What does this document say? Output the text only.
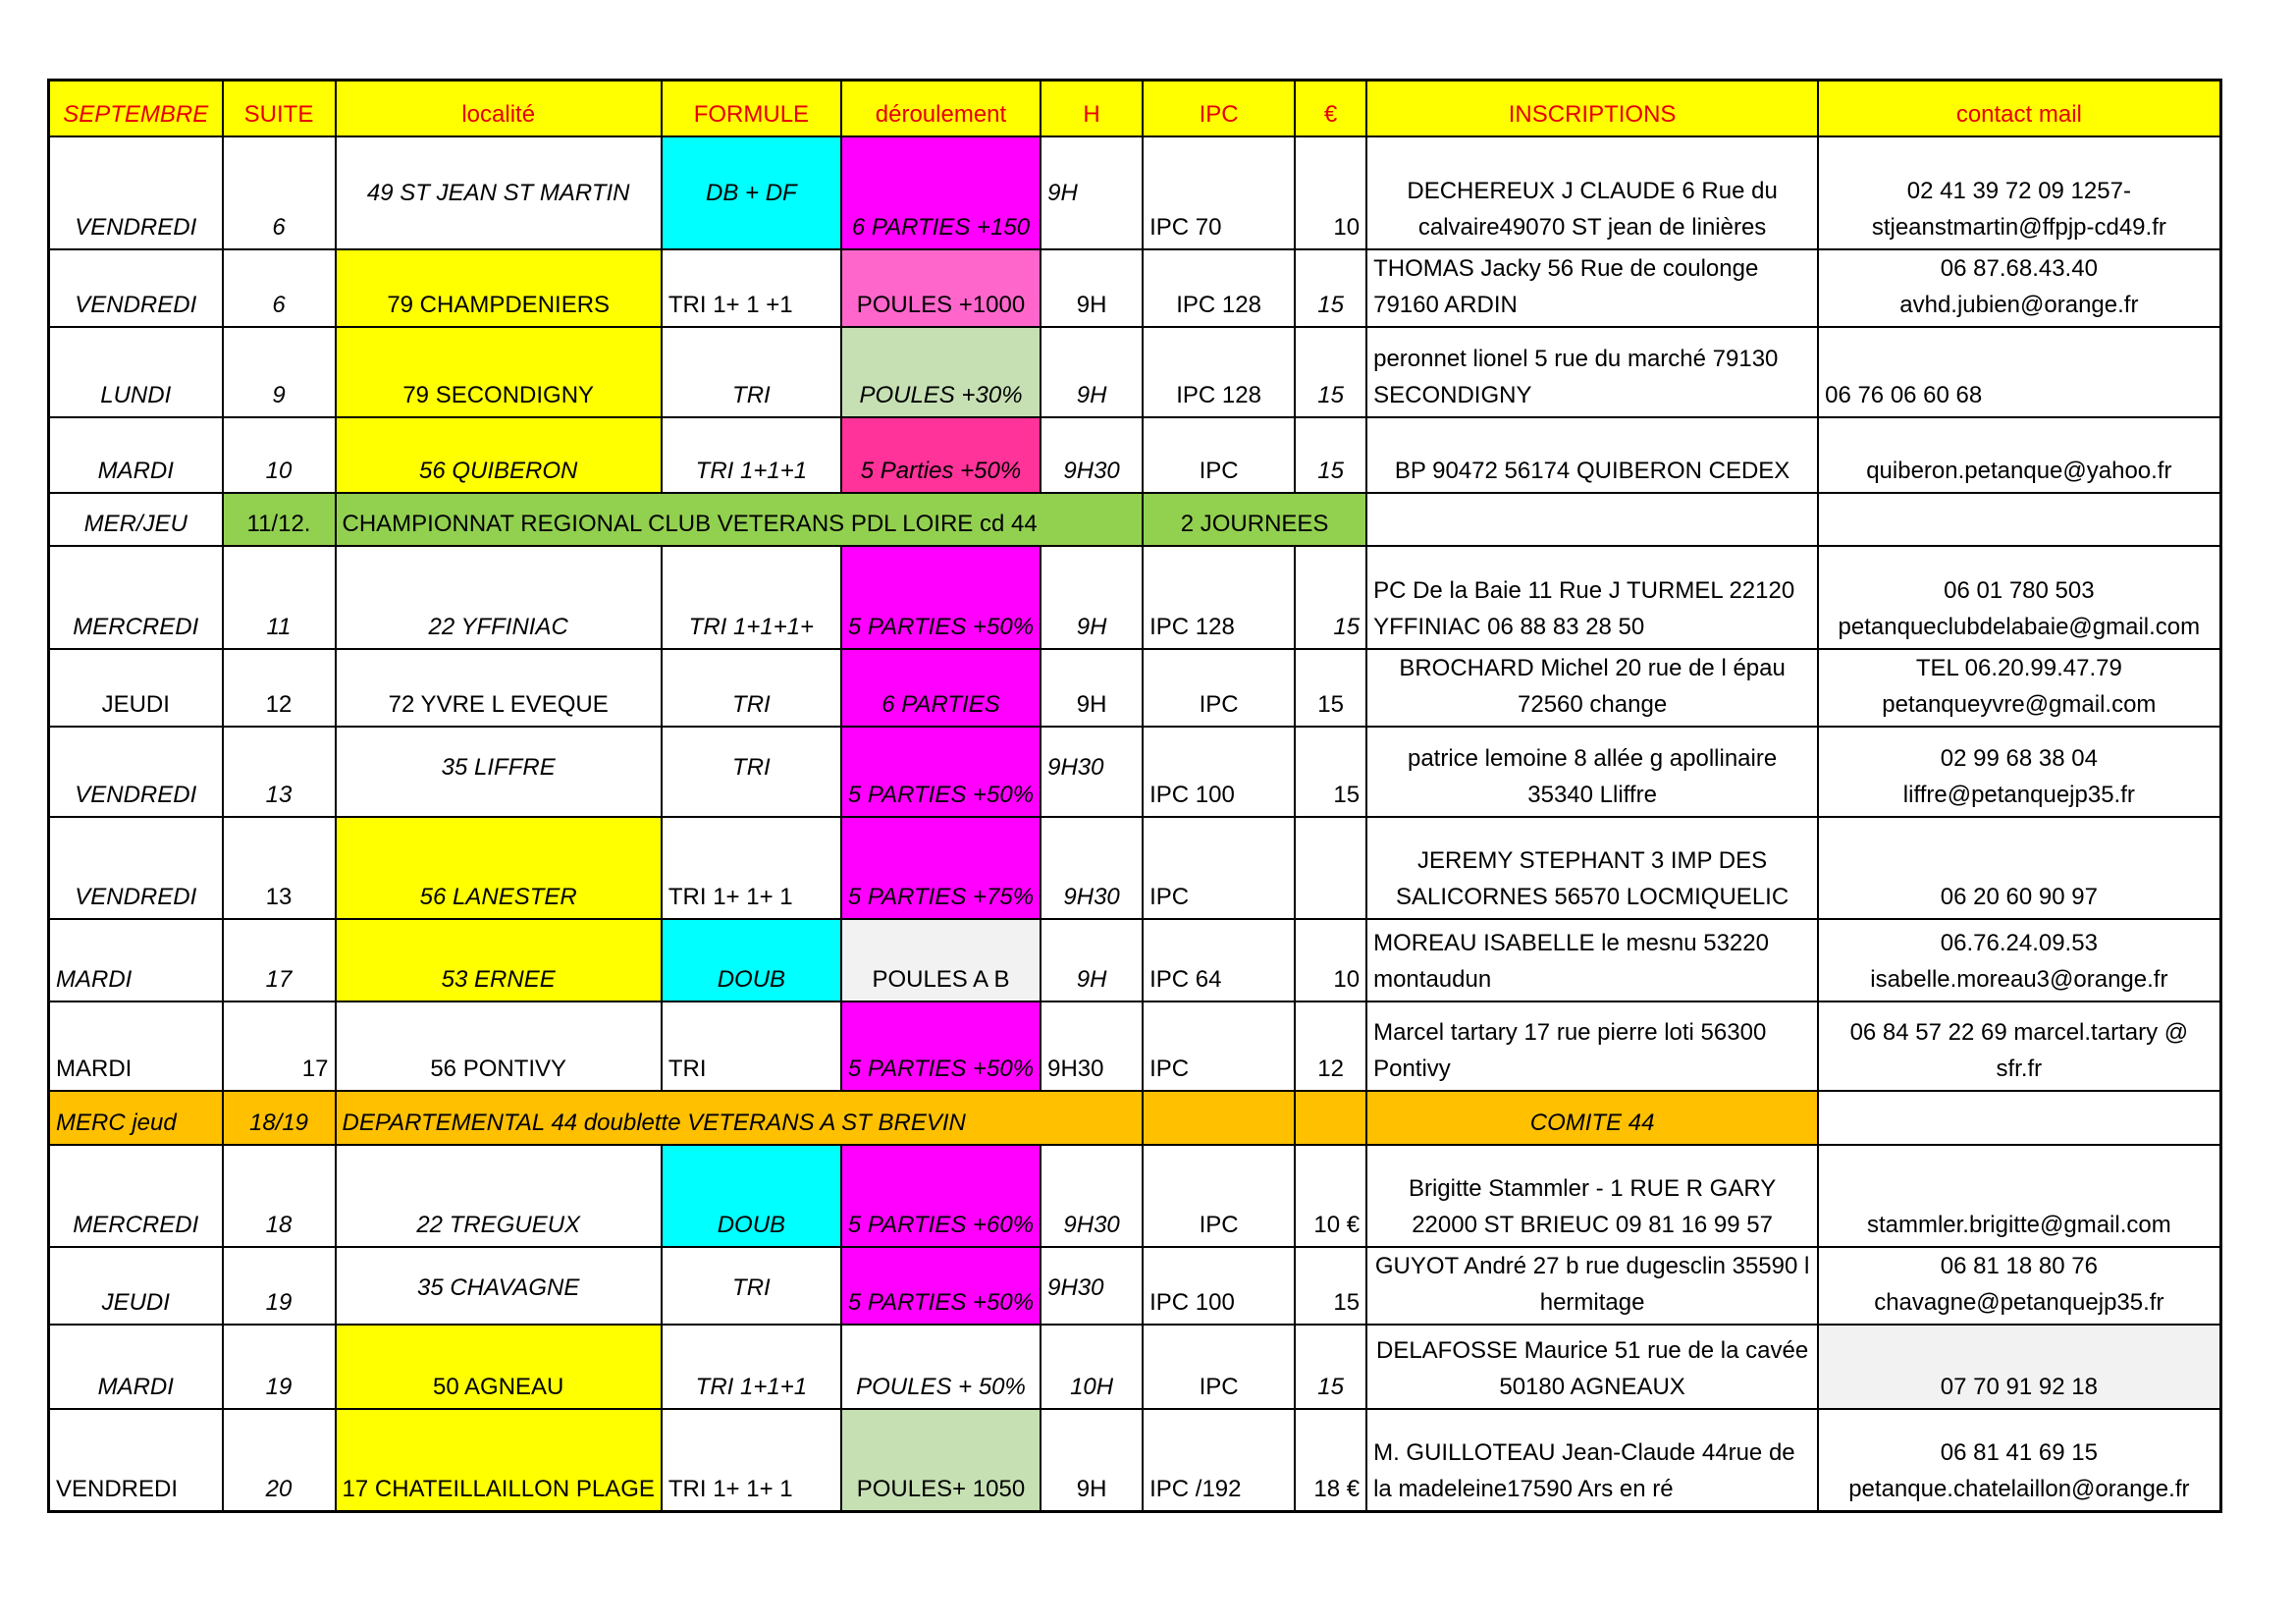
SEPTEMBRE	SUITE	localité	FORMULE	déroulement	H	IPC	€	INSCRIPTIONS	contact mail
VENDREDI	6	49 ST JEAN ST MARTIN	DB + DF	6 PARTIES +150	9H	IPC 70	10	DECHEREUX J CLAUDE 6 Rue du calvaire49070 ST jean de linières	02 41 39 72 09 1257- stjeanstmartin@ffpjp-cd49.fr
VENDREDI	6	79 CHAMPDENIERS	TRI 1+ 1 +1	POULES +1000	9H	IPC 128	15	THOMAS Jacky 56 Rue de coulonge 79160 ARDIN	06 87.68.43.40 avhd.jubien@orange.fr
LUNDI	9	79 SECONDIGNY	TRI	POULES +30%	9H	IPC 128	15	peronnet lionel 5 rue du marché 79130 SECONDIGNY	06 76 06 60 68
MARDI	10	56 QUIBERON	TRI 1+1+1	5 Parties +50%	9H30	IPC	15	BP 90472 56174 QUIBERON CEDEX	quiberon.petanque@yahoo.fr
MER/JEU	11/12.	CHAMPIONNAT REGIONAL CLUB VETERANS PDL LOIRE cd 44				2 JOURNEES			
MERCREDI	11	22 YFFINIAC	TRI 1+1+1+	5 PARTIES +50%	9H	IPC 128	15	PC De la Baie 11 Rue J TURMEL 22120 YFFINIAC 06 88 83 28 50	06 01 780 503 petanqueclubdelabaie@gmail.com
JEUDI	12	72 YVRE L EVEQUE	TRI	6 PARTIES	9H	IPC	15	BROCHARD Michel 20 rue de l épau 72560 change	TEL 06.20.99.47.79 petanqueyvre@gmail.com
VENDREDI	13	35 LIFFRE	TRI	5 PARTIES +50%	9H30	IPC 100	15	patrice lemoine 8 allée g apollinaire 35340 Lliffre	02 99 68 38 04 liffre@petanquejp35.fr
VENDREDI	13	56 LANESTER	TRI 1+ 1+ 1	5 PARTIES +75%	9H30	IPC		JEREMY STEPHANT 3 IMP DES SALICORNES 56570 LOCMIQUELIC	06 20 60 90 97
MARDI	17	53 ERNEE	DOUB	POULES A B	9H	IPC 64	10	MOREAU ISABELLE le mesnu 53220 montaudun	06.76.24.09.53 isabelle.moreau3@orange.fr
MARDI	17	56 PONTIVY	TRI	5 PARTIES +50%	9H30	IPC	12	Marcel tartary 17 rue pierre loti 56300 Pontivy	06 84 57 22 69 marcel.tartary @ sfr.fr
MERC jeud	18/19	DEPARTEMENTAL 44 doublette VETERANS A ST BREVIN						COMITE 44	
MERCREDI	18	22 TREGUEUX	DOUB	5 PARTIES +60%	9H30	IPC	10 €	Brigitte Stammler - 1 RUE R GARY 22000 ST BRIEUC 09 81 16 99 57	stammler.brigitte@gmail.com
JEUDI	19	35 CHAVAGNE	TRI	5 PARTIES +50%	9H30	IPC 100	15	GUYOT André 27 b rue dugesclin 35590 l hermitage	06 81 18 80 76 chavagne@petanquejp35.fr
MARDI	19	50 AGNEAU	TRI 1+1+1	POULES + 50%	10H	IPC	15	DELAFOSSE Maurice 51 rue de la cavée 50180 AGNEAUX	07 70 91 92 18
VENDREDI	20	17 CHATEILLAILLON PLAGE	TRI 1+ 1+ 1	POULES+ 1050	9H	IPC /192	18 €	M. GUILLOTEAU Jean-Claude 44rue de la madeleine17590 Ars en ré	06 81 41 69 15 petanque.chatelaillon@orange.fr
